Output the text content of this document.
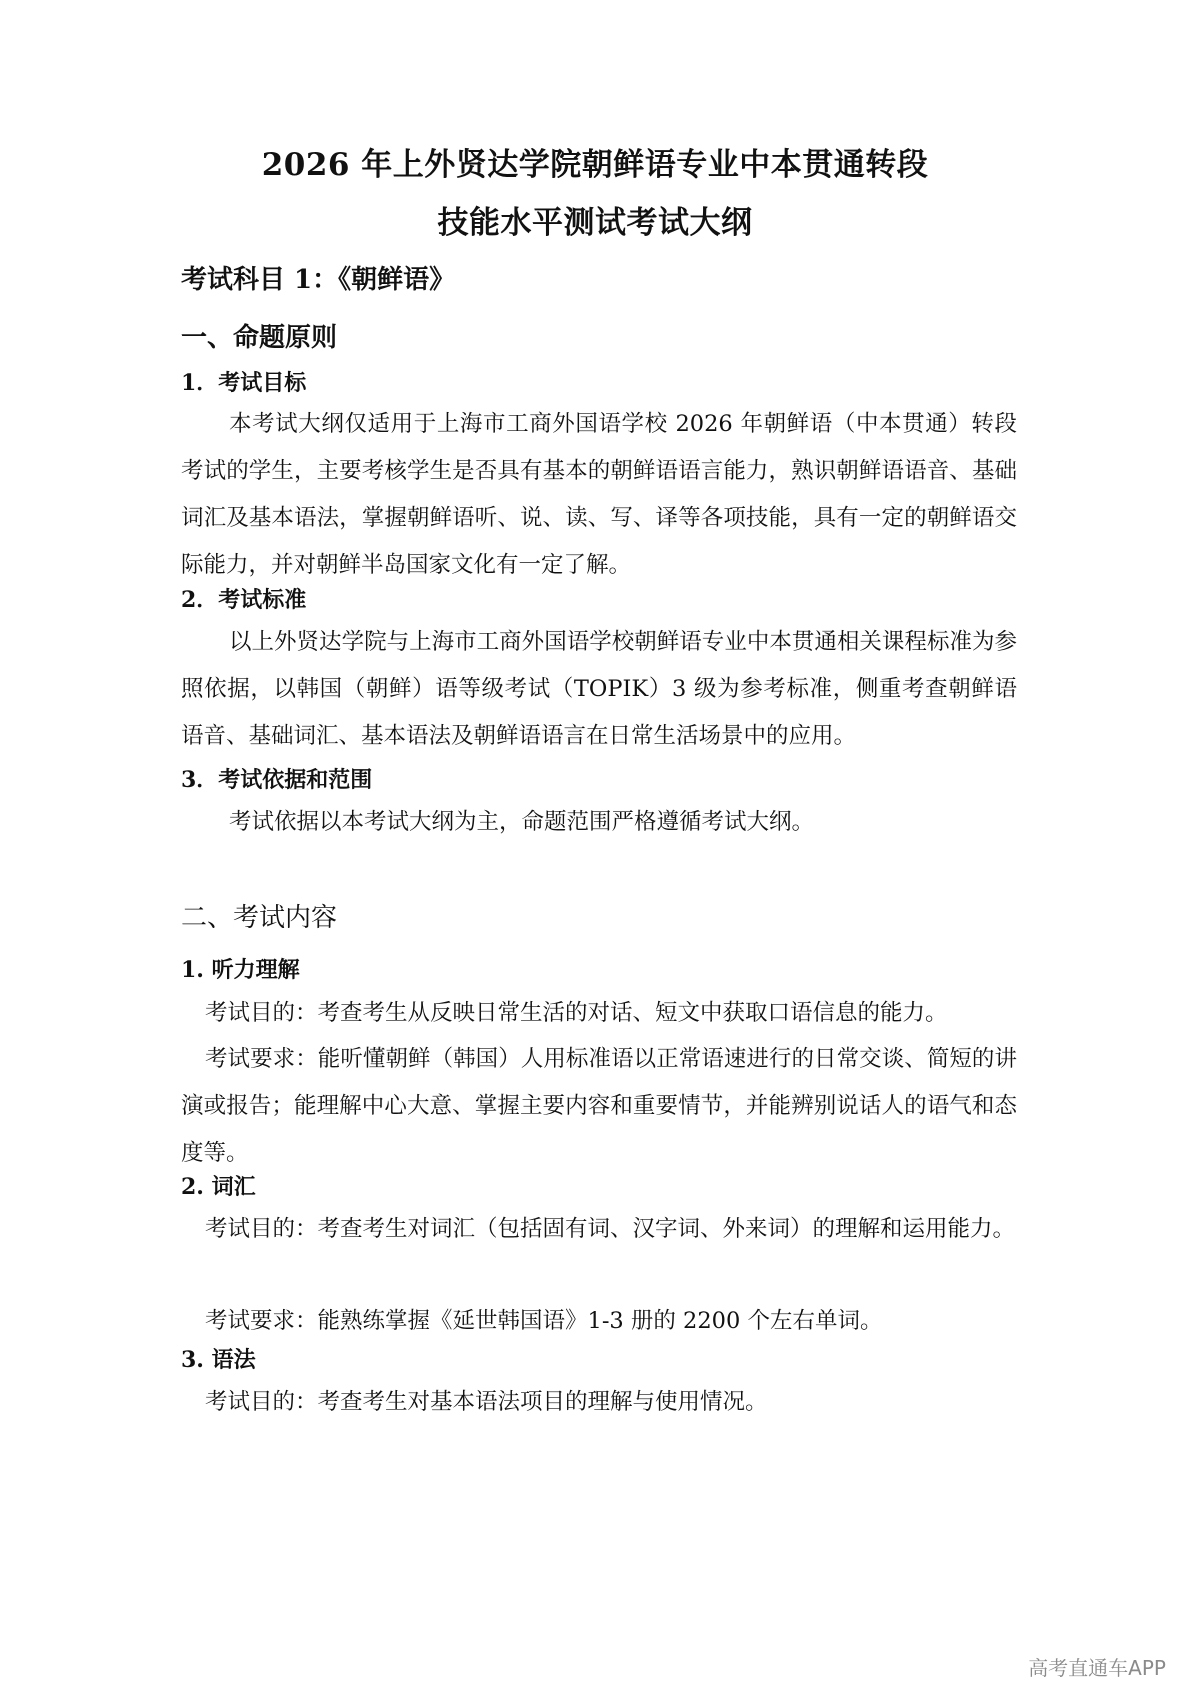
2026 年上外贤达学院朝鲜语专业中本贯通转段
技能水平测试考试大纲
考试科目 1：《朝鲜语》
一、命题原则
1．考试目标

本考试大纲仅适用于上海市工商外国语学校 2026 年朝鲜语（中本贯通）转段考试的学生，主要考核学生是否具有基本的朝鲜语语言能力，熟识朝鲜语语音、基础词汇及基本语法，掌握朝鲜语听、说、读、写、译等各项技能，具有一定的朝鲜语交际能力，并对朝鲜半岛国家文化有一定了解。

2．考试标准

以上外贤达学院与上海市工商外国语学校朝鲜语专业中本贯通相关课程标准为参照依据，以韩国（朝鲜）语等级考试（TOPIK）3 级为参考标准，侧重考查朝鲜语语音、基础词汇、基本语法及朝鲜语语言在日常生活场景中的应用。

3．考试依据和范围

考试依据以本考试大纲为主，命题范围严格遵循考试大纲。

二、考试内容
1. 听力理解

考试目的：考查考生从反映日常生活的对话、短文中获取口语信息的能力。

考试要求：能听懂朝鲜（韩国）人用标准语以正常语速进行的日常交谈、简短的讲演或报告；能理解中心大意、掌握主要内容和重要情节，并能辨别说话人的语气和态度等。

2. 词汇

考试目的：考查考生对词汇（包括固有词、汉字词、外来词）的理解和运用能力。

考试要求：能熟练掌握《延世韩国语》1-3 册的 2200 个左右单词。

3. 语法

考试目的：考查考生对基本语法项目的理解与使用情况。

高考直通车APP
